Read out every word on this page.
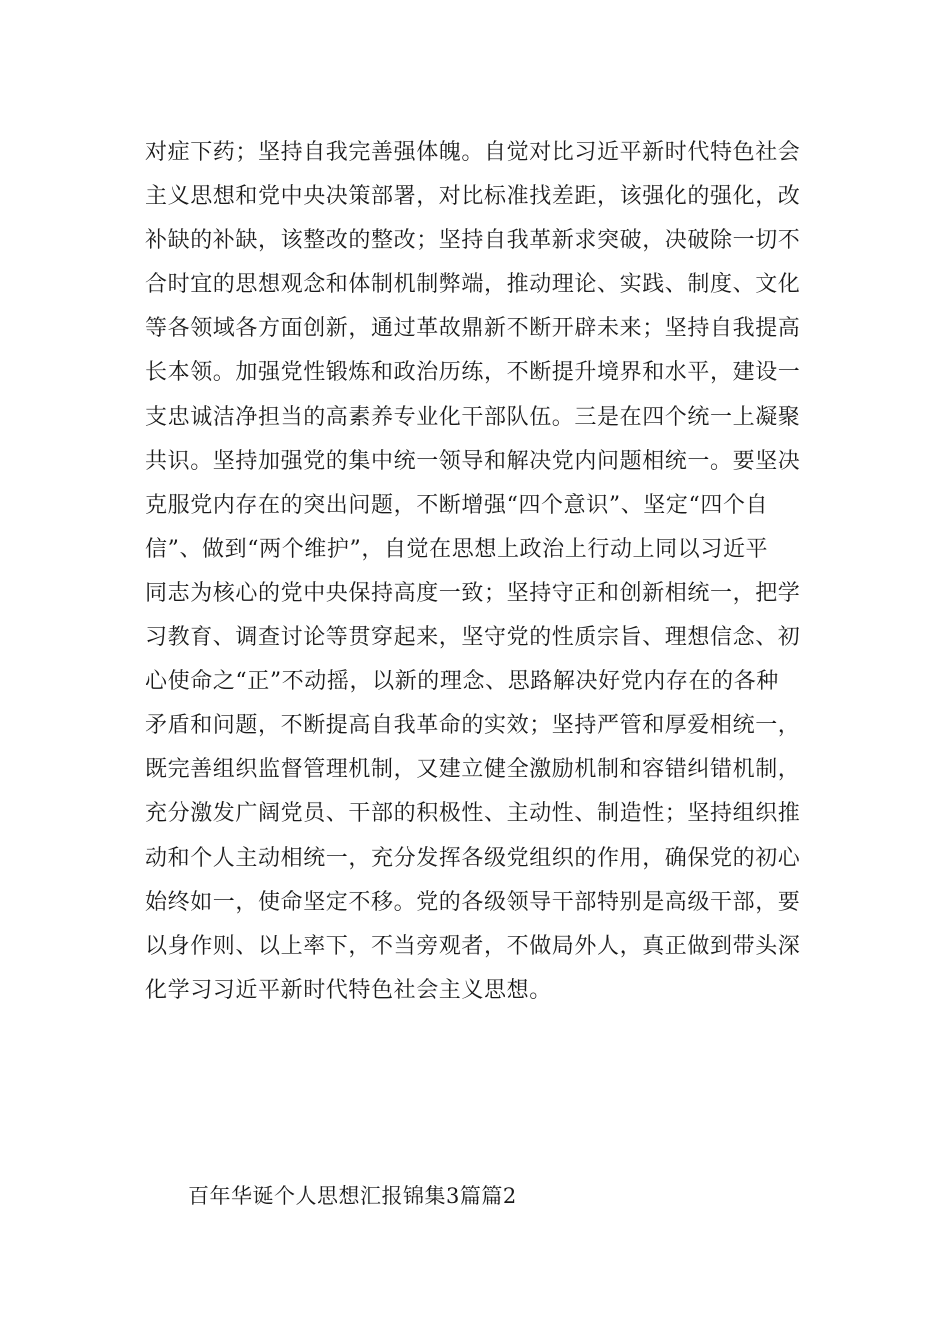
对症下药；坚持自我完善强体魄。自觉对比习近平新时代特色社会
主义思想和党中央决策部署，对比标准找差距，该强化的强化，改
补缺的补缺，该整改的整改；坚持自我革新求突破，决破除一切不
合时宜的思想观念和体制机制弊端，推动理论、实践、制度、文化
等各领域各方面创新，通过革故鼎新不断开辟未来；坚持自我提高
长本领。加强党性锻炼和政治历练，不断提升境界和水平，建设一
支忠诚洁净担当的高素养专业化干部队伍。三是在四个统一上凝聚
共识。坚持加强党的集中统一领导和解决党内问题相统一。要坚决
克服党内存在的突出问题，不断增强“四个意识”、坚定“四个自
信”、做到“两个维护”，自觉在思想上政治上行动上同以习近平
同志为核心的党中央保持高度一致；坚持守正和创新相统一，把学
习教育、调查讨论等贯穿起来，坚守党的性质宗旨、理想信念、初
心使命之“正”不动摇，以新的理念、思路解决好党内存在的各种
矛盾和问题，不断提高自我革命的实效；坚持严管和厚爱相统一，
既完善组织监督管理机制，又建立健全激励机制和容错纠错机制，
充分激发广阔党员、干部的积极性、主动性、制造性；坚持组织推
动和个人主动相统一，充分发挥各级党组织的作用，确保党的初心
始终如一，使命坚定不移。党的各级领导干部特别是高级干部，要
以身作则、以上率下，不当旁观者，不做局外人，真正做到带头深
化学习习近平新时代特色社会主义思想。
百年华诞个人思想汇报锦集3篇篇2
